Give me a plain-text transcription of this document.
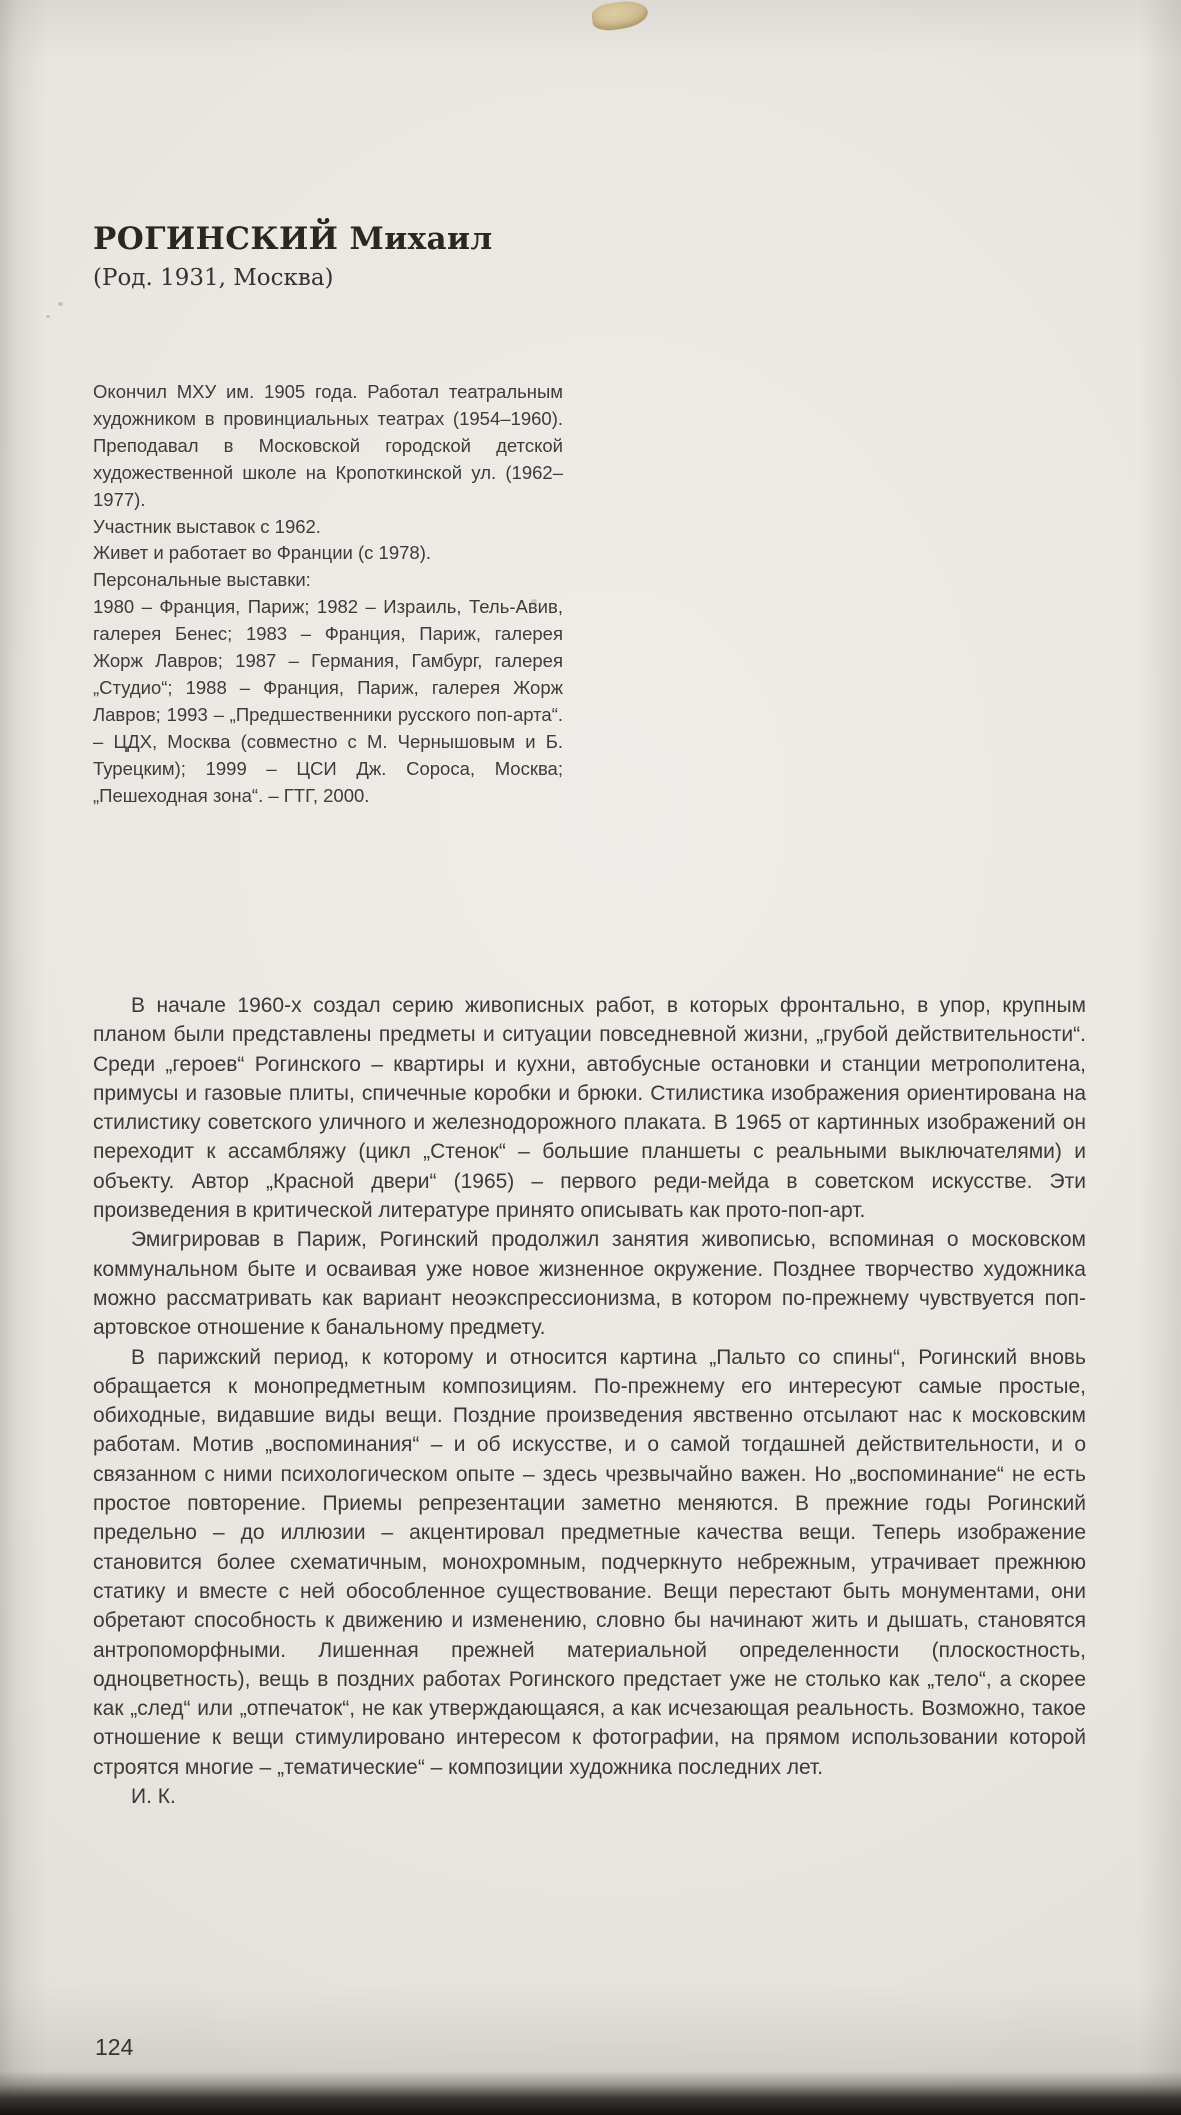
РОГИНСКИЙ Михаил
(Род. 1931, Москва)

Окончил МХУ им. 1905 года. Работал театральным художником в провинциальных театрах (1954–1960). Преподавал в Московской городской детской художественной школе на Кропоткинской ул. (1962–1977).

Участник выставок с 1962.

Живет и работает во Франции (с 1978).

Персональные выставки:

1980 – Франция, Париж; 1982 – Израиль, Тель-Авив, галерея Бенес; 1983 – Франция, Париж, галерея Жорж Лавров; 1987 – Германия, Гамбург, галерея „Студио“; 1988 – Франция, Париж, галерея Жорж Лавров; 1993 – „Предшественники русского поп-арта“. – ЦДХ, Москва (совместно с М. Чернышовым и Б. Турецким); 1999 – ЦСИ Дж. Сороса, Москва; „Пешеходная зона“. – ГТГ, 2000.

В начале 1960-х создал серию живописных работ, в которых фронтально, в упор, крупным планом были представлены предметы и ситуации повседневной жизни, „грубой действительности“. Среди „героев“ Рогинского – квартиры и кухни, автобусные остановки и станции метрополитена, примусы и газовые плиты, спичечные коробки и брюки. Стилистика изображения ориентирована на стилистику советского уличного и железнодорожного плаката. В 1965 от картинных изображений он переходит к ассамбляжу (цикл „Стенок“ – большие планшеты с реальными выключателями) и объекту. Автор „Красной двери“ (1965) – первого реди-мейда в советском искусстве. Эти произведения в критической литературе принято описывать как прото-поп-арт.

Эмигрировав в Париж, Рогинский продолжил занятия живописью, вспоминая о московском коммунальном быте и осваивая уже новое жизненное окружение. Позднее творчество художника можно рассматривать как вариант неоэкспрессионизма, в котором по-прежнему чувствуется поп-артовское отношение к банальному предмету.

В парижский период, к которому и относится картина „Пальто со спины“, Рогинский вновь обращается к монопредметным композициям. По-прежнему его интересуют самые простые, обиходные, видавшие виды вещи. Поздние произведения явственно отсылают нас к московским работам. Мотив „воспоминания“ – и об искусстве, и о самой тогдашней действительности, и о связанном с ними психологическом опыте – здесь чрезвычайно важен. Но „воспоминание“ не есть простое повторение. Приемы репрезентации заметно меняются. В прежние годы Рогинский предельно – до иллюзии – акцентировал предметные качества вещи. Теперь изображение становится более схематичным, монохромным, подчеркнуто небрежным, утрачивает прежнюю статику и вместе с ней обособленное существование. Вещи перестают быть монументами, они обретают способность к движению и изменению, словно бы начинают жить и дышать, становятся антропоморфными. Лишенная прежней материальной определенности (плоскостность, одноцветность), вещь в поздних работах Рогинского предстает уже не столько как „тело“, а скорее как „след“ или „отпечаток“, не как утверждающаяся, а как исчезающая реальность. Возможно, такое отношение к вещи стимулировано интересом к фотографии, на прямом использовании которой строятся многие – „тематические“ – композиции художника последних лет.

И. К.

124
